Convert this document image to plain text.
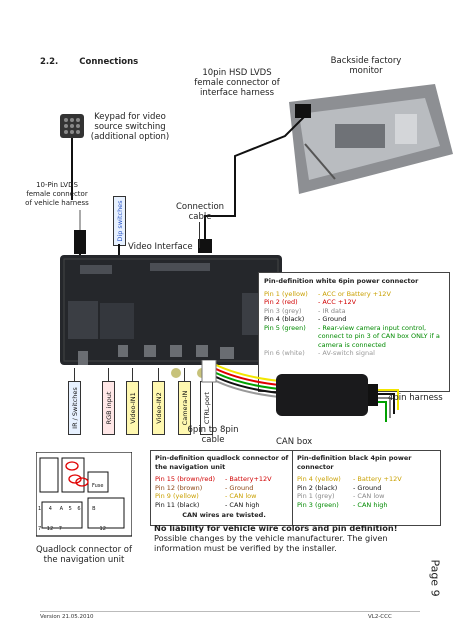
2.2. Connections
10pin HSD LVDS female connector of interface harness
Backside factory monitor
Keypad for video source switching (additional option)
10-Pin LVDS female connector of vehicle harness	Dip switches	Connection cable
Video Interface
Pin-definition white 6pin power connector
Pin 1 (yellow)	- ACC or Battery +12V
Pin 2 (red)	- ACC +12V
Pin 3 (grey)	- IR data
Pin 4 (black)	- Ground
Pin 5 (green)	- Rear-view camera input control, connect to pin 3 of CAN box ONLY if a camera is connected
Pin 6 (white)	- AV-switch signal
IR / Switches	RGB input Video-IN1	Video-IN2	Camera-IN CTRL-port	4pin harness
6pin to 8pin cable	CAN box
Fuse
1 4 A 5 6 B
7 12 7	12
Quadlock connector of the navigation unit
Pin-definition quadlock connector of the navigation unit
Pin 15 (brown/red)	- Battery+12V
Pin 12 (brown)	- Ground
Pin 9 (yellow)	- CAN low
Pin 11 (black)	- CAN high
CAN wires are twisted.
Pin-definition black 4pin power connector
Pin 4 (yellow)	- Battery +12V
Pin 2 (black)	- Ground
Pin 1 (grey)	- CAN low
Pin 3 (green)	- CAN high
No liability for vehicle wire colors and pin definition!
Possible changes by the vehicle manufacturer. The given information must be verified by the installer.
Page 9
Version 21.05.2010	VL2-CCC
